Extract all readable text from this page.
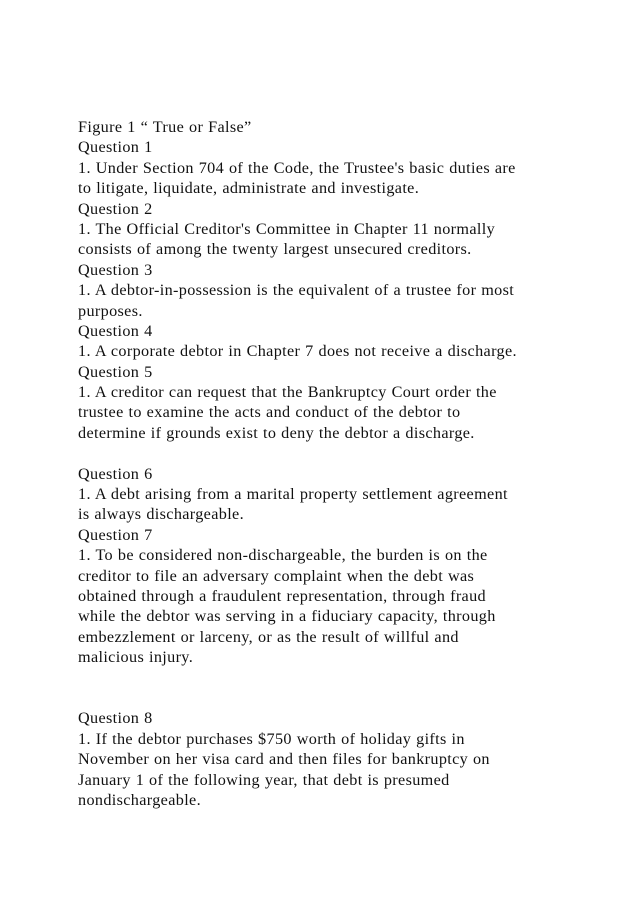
Figure 1 “ True or False”
Question 1
1. Under Section 704 of the Code, the Trustee's basic duties are
to litigate, liquidate, administrate and investigate.
Question 2
1. The Official Creditor's Committee in Chapter 11 normally
consists of among the twenty largest unsecured creditors.
Question 3
1. A debtor-in-possession is the equivalent of a trustee for most
purposes.
Question 4
1. A corporate debtor in Chapter 7 does not receive a discharge.
Question 5
1. A creditor can request that the Bankruptcy Court order the
trustee to examine the acts and conduct of the debtor to
determine if grounds exist to deny the debtor a discharge.
Question 6
1. A debt arising from a marital property settlement agreement
is always dischargeable.
Question 7
1. To be considered non-dischargeable, the burden is on the
creditor to file an adversary complaint when the debt was
obtained through a fraudulent representation, through fraud
while the debtor was serving in a fiduciary capacity, through
embezzlement or larceny, or as the result of willful and
malicious injury.
Question 8
1. If the debtor purchases $750 worth of holiday gifts in
November on her visa card and then files for bankruptcy on
January 1 of the following year, that debt is presumed
nondischargeable.
